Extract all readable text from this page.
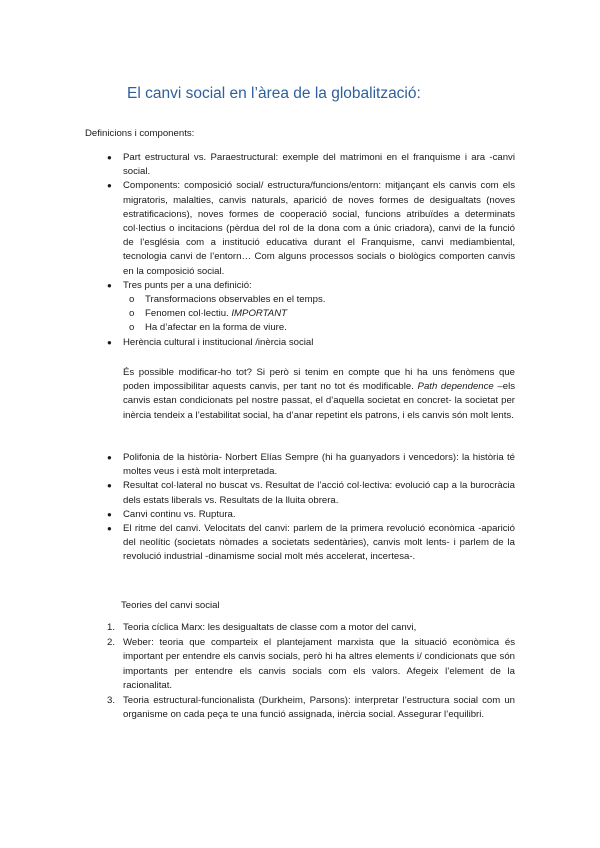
El canvi social en l’àrea de la globalització:
Definicions i components:

● Part estructural vs. Paraestructural: exemple del matrimoni en el franquisme i ara -canvi social.

● Components: composició social/ estructura/funcions/entorn: mitjançant els canvis com els migratoris, malalties, canvis naturals, aparició de noves formes de desigualtats (noves estratificacions), noves formes de cooperació social, funcions atribuïdes a determinats col·lectius o incitacions (pèrdua del rol de la dona com a únic criadora), canvi de la funció de l’església com a institució educativa durant el Franquisme, canvi mediambiental, tecnologia canvi de l’entorn… Com alguns processos socials o biològics comporten canvis en la composició social.

● Tres punts per a una definició:

o Transformacions observables en el temps.

o Fenomen col·lectiu. IMPORTANT

o Ha d’afectar en la forma de viure.

● Herència cultural i institucional /inèrcia social

És possible modificar-ho tot? Si però si tenim en compte que hi ha uns fenòmens que poden impossibilitar aquests canvis, per tant no tot és modificable. Path dependence –els canvis estan condicionats pel nostre passat, el d’aquella societat en concret- la societat per inèrcia tendeix a l’estabilitat social, ha d’anar repetint els patrons, i els canvis són molt lents.

● Polifonia de la història- Norbert Elías Sempre (hi ha guanyadors i vencedors): la història té moltes veus i està molt interpretada.

● Resultat col·lateral no buscat vs. Resultat de l’acció col·lectiva: evolució cap a la burocràcia dels estats liberals vs. Resultats de la lluita obrera.

● Canvi continu vs. Ruptura.

● El ritme del canvi. Velocitats del canvi: parlem de la primera revolució econòmica -aparició del neolític (societats nòmades a societats sedentàries), canvis molt lents- i parlem de la revolució industrial -dinamisme social molt més accelerat, incertesa-.

Teories del canvi social

1. Teoria cíclica Marx: les desigualtats de classe com a motor del canvi,

2. Weber: teoria que comparteix el plantejament marxista que la situació econòmica és important per entendre els canvis socials, però hi ha altres elements i/ condicionats que són importants per entendre els canvis socials com els valors. Afegeix l’element de la racionalitat.

3. Teoria estructural-funcionalista (Durkheim, Parsons): interpretar l’estructura social com un organisme on cada peça te una funció assignada, inèrcia social. Assegurar l’equilibri.
